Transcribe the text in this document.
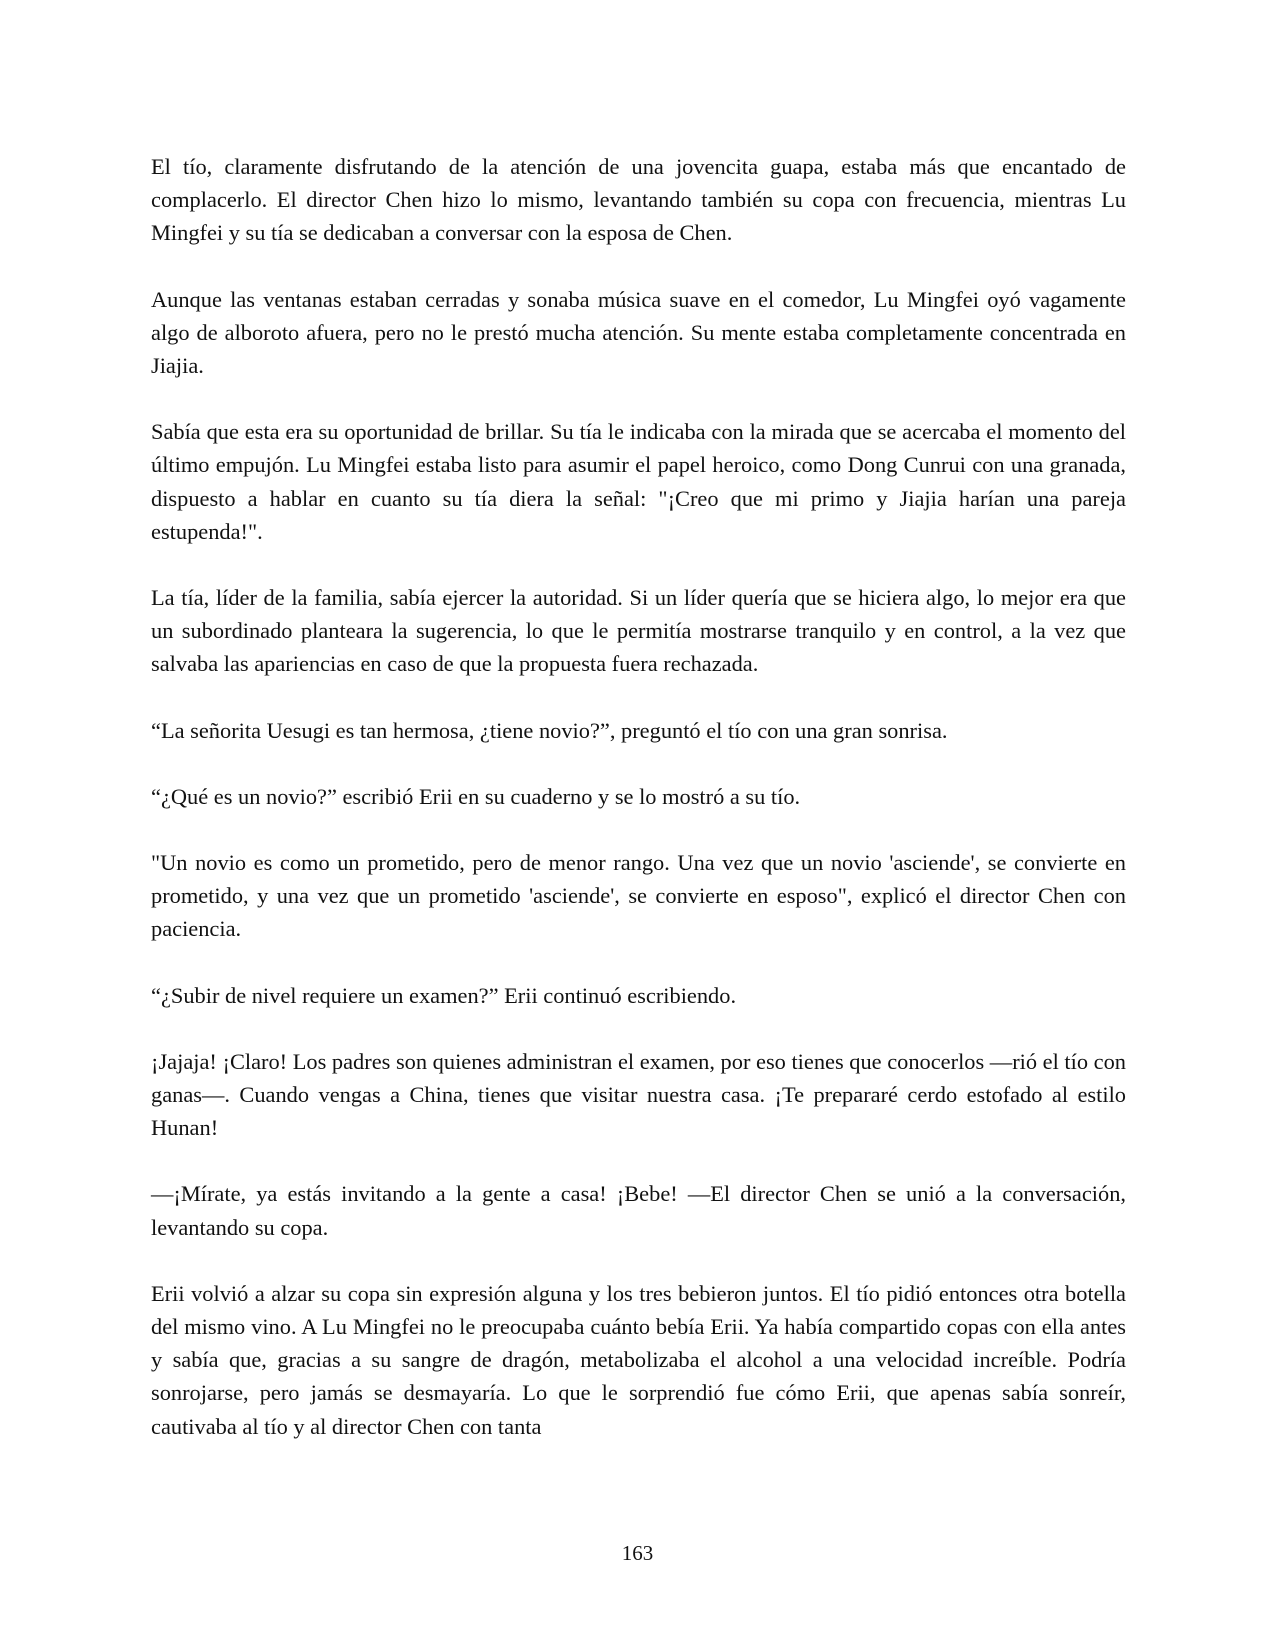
El tío, claramente disfrutando de la atención de una jovencita guapa, estaba más que encantado de complacerlo. El director Chen hizo lo mismo, levantando también su copa con frecuencia, mientras Lu Mingfei y su tía se dedicaban a conversar con la esposa de Chen.

Aunque las ventanas estaban cerradas y sonaba música suave en el comedor, Lu Mingfei oyó vagamente algo de alboroto afuera, pero no le prestó mucha atención. Su mente estaba completamente concentrada en Jiajia.

Sabía que esta era su oportunidad de brillar. Su tía le indicaba con la mirada que se acercaba el momento del último empujón. Lu Mingfei estaba listo para asumir el papel heroico, como Dong Cunrui con una granada, dispuesto a hablar en cuanto su tía diera la señal: "¡Creo que mi primo y Jiajia harían una pareja estupenda!".

La tía, líder de la familia, sabía ejercer la autoridad. Si un líder quería que se hiciera algo, lo mejor era que un subordinado planteara la sugerencia, lo que le permitía mostrarse tranquilo y en control, a la vez que salvaba las apariencias en caso de que la propuesta fuera rechazada.

“La señorita Uesugi es tan hermosa, ¿tiene novio?”, preguntó el tío con una gran sonrisa.

“¿Qué es un novio?” escribió Erii en su cuaderno y se lo mostró a su tío.

"Un novio es como un prometido, pero de menor rango. Una vez que un novio 'asciende', se convierte en prometido, y una vez que un prometido 'asciende', se convierte en esposo", explicó el director Chen con paciencia.

“¿Subir de nivel requiere un examen?” Erii continuó escribiendo.

¡Jajaja! ¡Claro! Los padres son quienes administran el examen, por eso tienes que conocerlos —rió el tío con ganas—. Cuando vengas a China, tienes que visitar nuestra casa. ¡Te prepararé cerdo estofado al estilo Hunan!

—¡Mírate, ya estás invitando a la gente a casa! ¡Bebe! —El director Chen se unió a la conversación, levantando su copa.

Erii volvió a alzar su copa sin expresión alguna y los tres bebieron juntos. El tío pidió entonces otra botella del mismo vino. A Lu Mingfei no le preocupaba cuánto bebía Erii. Ya había compartido copas con ella antes y sabía que, gracias a su sangre de dragón, metabolizaba el alcohol a una velocidad increíble. Podría sonrojarse, pero jamás se desmayaría. Lo que le sorprendió fue cómo Erii, que apenas sabía sonreír, cautivaba al tío y al director Chen con tanta

163
